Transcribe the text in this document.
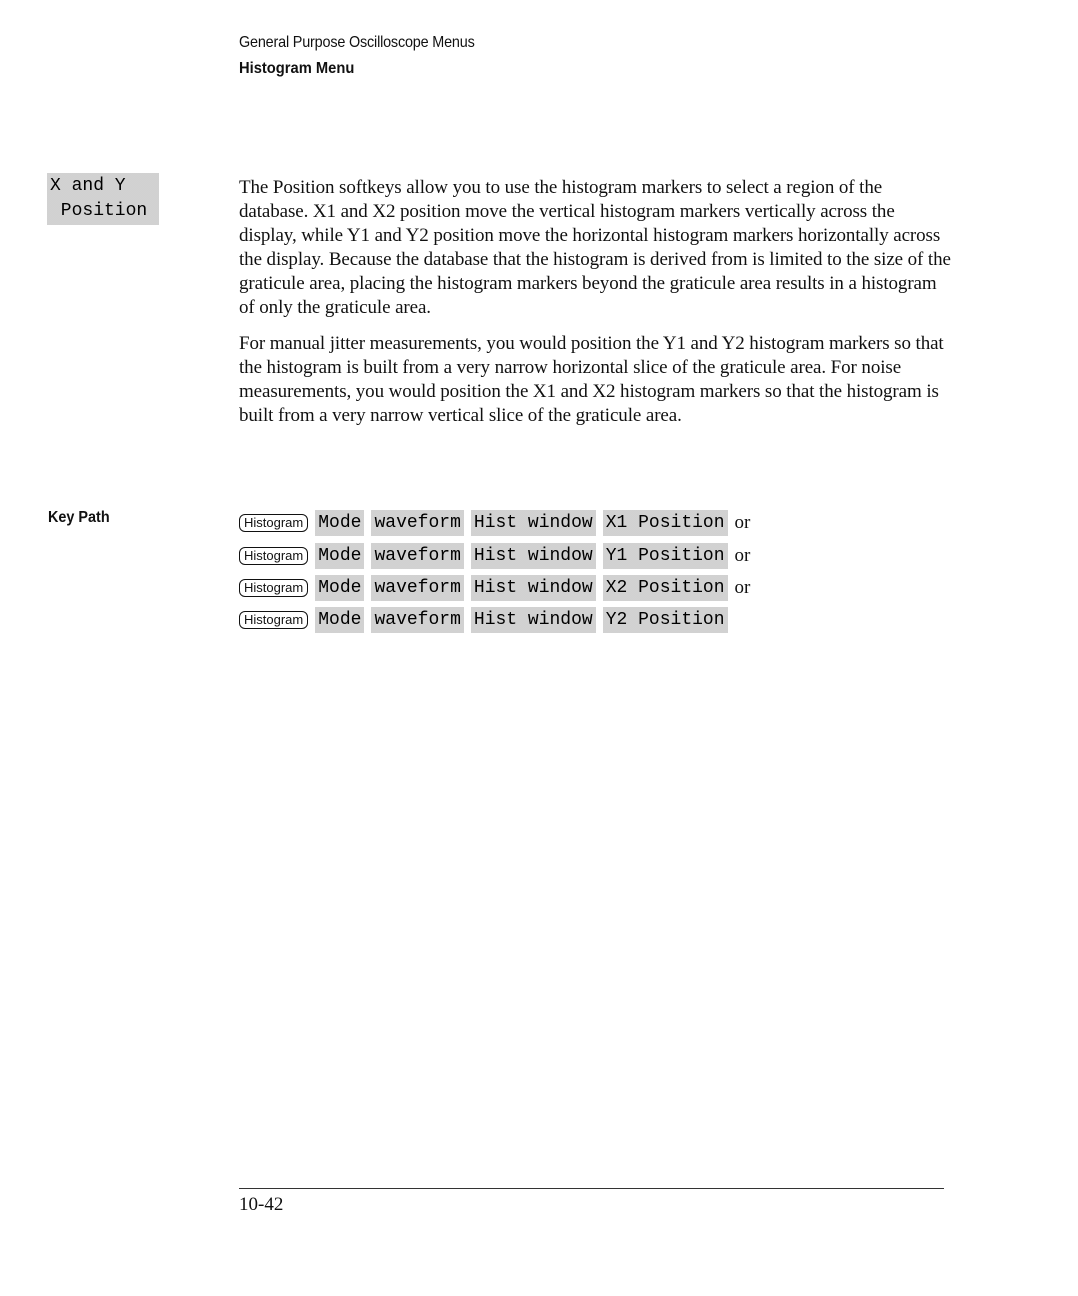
General Purpose Oscilloscope Menus
Histogram Menu
X and Y
Position

The Position softkeys allow you to use the histogram markers to select a region of the database. X1 and X2 position move the vertical histogram markers vertically across the display, while Y1 and Y2 position move the horizontal histogram markers horizontally across the display. Because the database that the histogram is derived from is limited to the size of the graticule area, placing the histogram markers beyond the graticule area results in a histogram of only the graticule area.

For manual jitter measurements, you would position the Y1 and Y2 histogram markers so that the histogram is built from a very narrow horizontal slice of the graticule area. For noise measurements, you would position the X1 and X2 histogram markers so that the histogram is built from a very narrow vertical slice of the graticule area.

Key Path	Histogram Mode waveform Hist window X1 Position or
Histogram Mode waveform Hist window Y1 Position or
Histogram Mode waveform Hist window X2 Position or
Histogram Mode waveform Hist window Y2 Position
10-42
